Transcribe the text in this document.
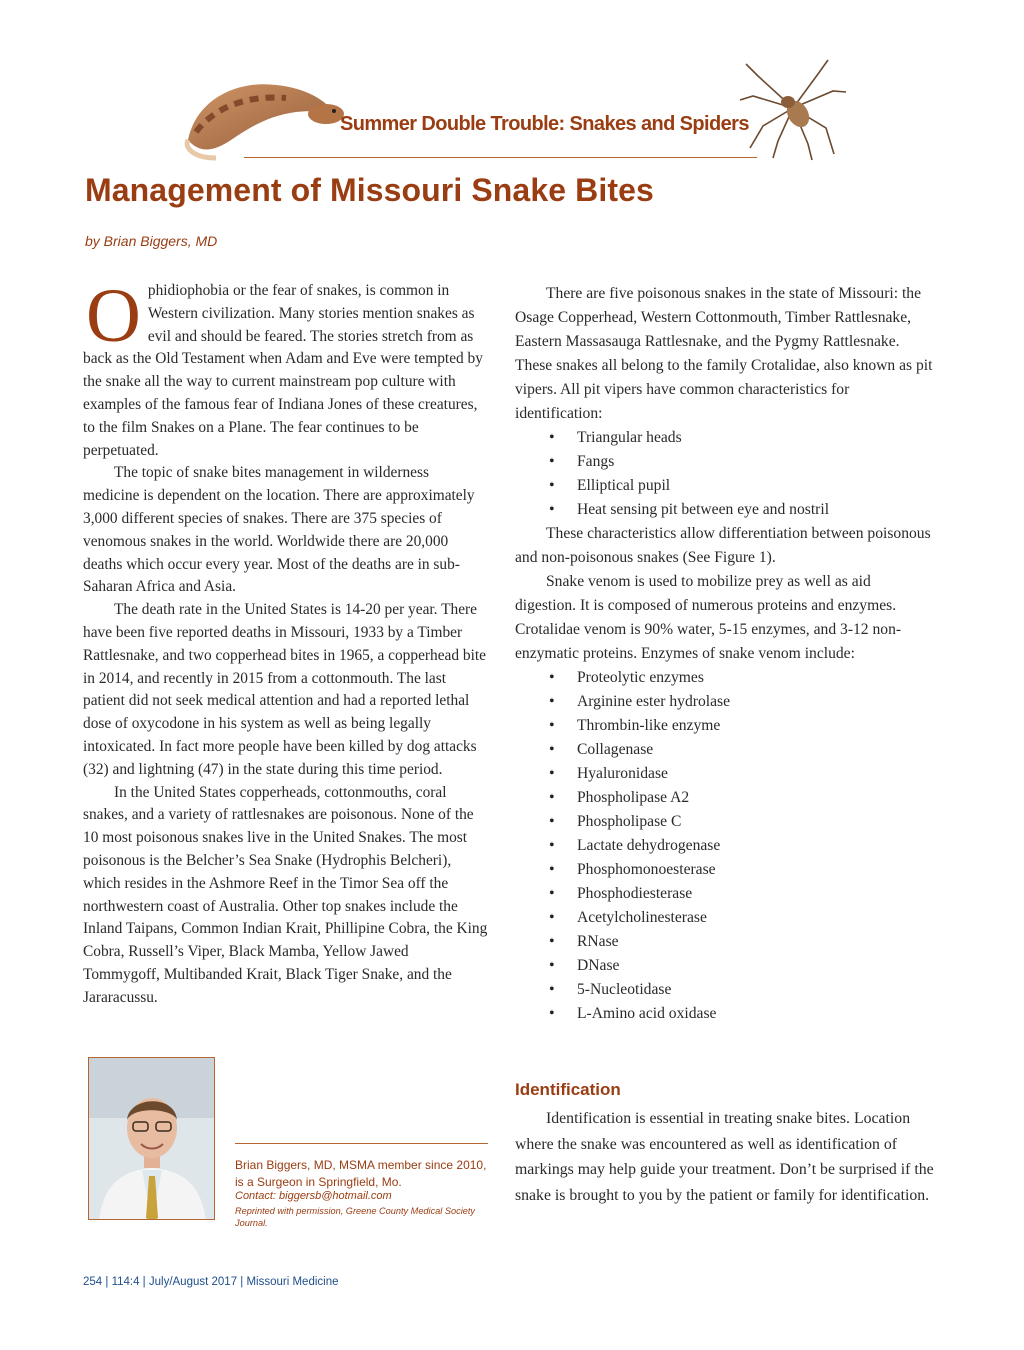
Summer Double Trouble: Snakes and Spiders
Management of Missouri Snake Bites
by Brian Biggers, MD

Ophidiophobia or the fear of snakes, is common in Western civilization. Many stories mention snakes as evil and should be feared. The stories stretch from as back as the Old Testament when Adam and Eve were tempted by the snake all the way to current mainstream pop culture with examples of the famous fear of Indiana Jones of these creatures, to the film Snakes on a Plane. The fear continues to be perpetuated.

The topic of snake bites management in wilderness medicine is dependent on the location. There are approximately 3,000 different species of snakes. There are 375 species of venomous snakes in the world. Worldwide there are 20,000 deaths which occur every year. Most of the deaths are in sub-Saharan Africa and Asia.

The death rate in the United States is 14-20 per year. There have been five reported deaths in Missouri, 1933 by a Timber Rattlesnake, and two copperhead bites in 1965, a copperhead bite in 2014, and recently in 2015 from a cottonmouth. The last patient did not seek medical attention and had a reported lethal dose of oxycodone in his system as well as being legally intoxicated. In fact more people have been killed by dog attacks (32) and lightning (47) in the state during this time period.

In the United States copperheads, cottonmouths, coral snakes, and a variety of rattlesnakes are poisonous. None of the 10 most poisonous snakes live in the United Snakes. The most poisonous is the Belcher’s Sea Snake (Hydrophis Belcheri), which resides in the Ashmore Reef in the Timor Sea off the northwestern coast of Australia. Other top snakes include the Inland Taipans, Common Indian Krait, Phillipine Cobra, the King Cobra, Russell’s Viper, Black Mamba, Yellow Jawed Tommygoff, Multibanded Krait, Black Tiger Snake, and the Jararacussu.

There are five poisonous snakes in the state of Missouri: the Osage Copperhead, Western Cottonmouth, Timber Rattlesnake, Eastern Massasauga Rattlesnake, and the Pygmy Rattlesnake. These snakes all belong to the family Crotalidae, also known as pit vipers. All pit vipers have common characteristics for identification:

• Triangular heads
• Fangs
• Elliptical pupil
• Heat sensing pit between eye and nostril

These characteristics allow differentiation between poisonous and non-poisonous snakes (See Figure 1).

Snake venom is used to mobilize prey as well as aid digestion. It is composed of numerous proteins and enzymes. Crotalidae venom is 90% water, 5-15 enzymes, and 3-12 non-enzymatic proteins. Enzymes of snake venom include:

• Proteolytic enzymes
• Arginine ester hydrolase
• Thrombin-like enzyme
• Collagenase
• Hyaluronidase
• Phospholipase A2
• Phospholipase C
• Lactate dehydrogenase
• Phosphomonoesterase
• Phosphodiesterase
• Acetylcholinesterase
• RNase
• DNase
• 5-Nucleotidase
• L-Amino acid oxidase
Identification
Identification is essential in treating snake bites. Location where the snake was encountered as well as identification of markings may help guide your treatment. Don’t be surprised if the snake is brought to you by the patient or family for identification.
Brian Biggers, MD, MSMA member since 2010, is a Surgeon in Springfield, Mo.
Contact: biggersb@hotmail.com
Reprinted with permission, Greene County Medical Society Journal.
254 | 114:4 | July/August 2017 | Missouri Medicine
